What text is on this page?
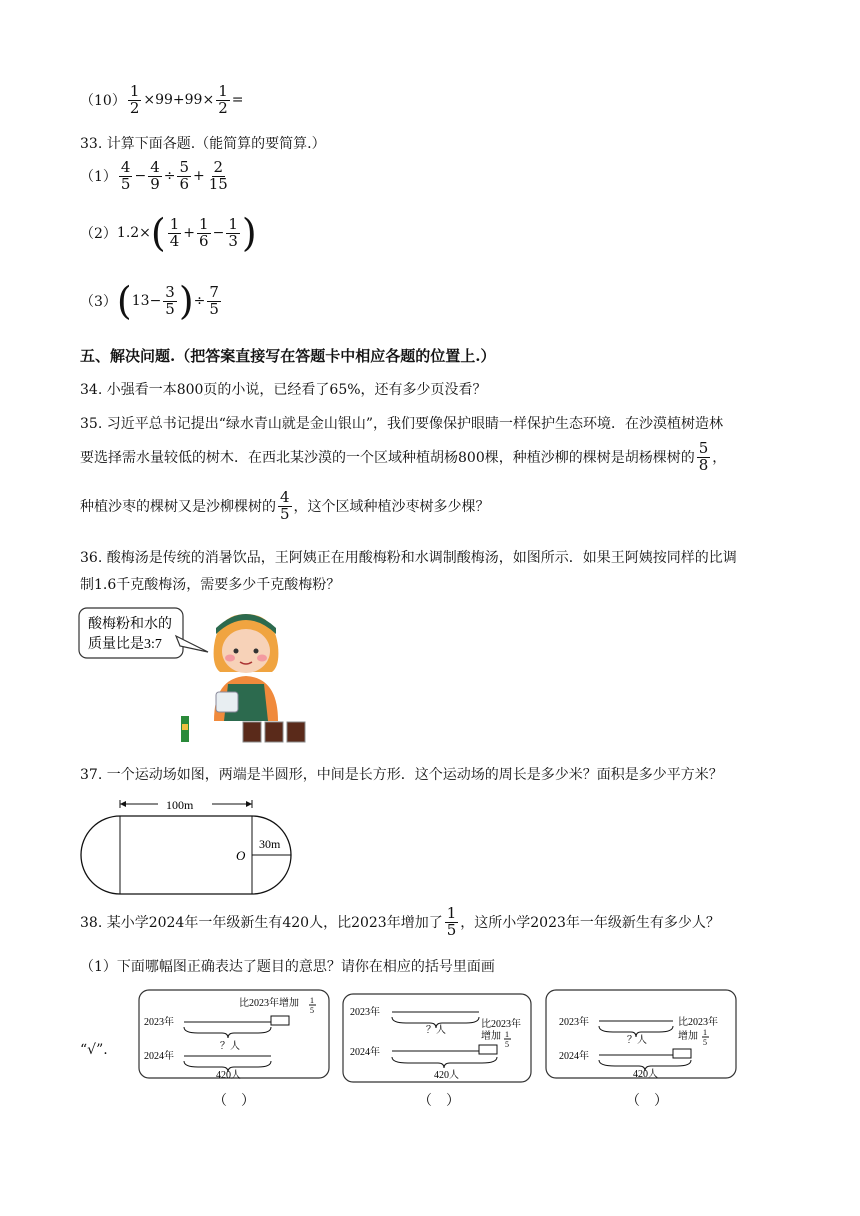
$(10) \frac{1}{2} \times 99+99\times \frac{1}{2}$ =
33. 计算下面各题.（能简算的要简算.）
$(1) \frac{4}{5} - \frac{4}{9} \div \frac{5}{6} + \frac{2}{15}$
（2） 1.2× ( $\frac{1}{4} + \frac{1}{6} - \frac{1}{3}$ )
（3） ( $13- \frac{3}{5}$ ) ÷ $\frac{7}{5}$
五、解决问题.（把答案直接写在答题卡中相应各题的位置上.）
34. 小强看一本800页的小说，已经看了65%，还有多少页没看？
35. 习近平总书记提出“绿水青山就是金山银山”，我们要像保护眼睛一样保护生态环境．在沙漠植树造林
要选择需水量较低的树木．在西北某沙漠的一个区域种植胡杨800棵，种植沙柳的棵树是胡杨棵树的 $\frac{5}{8}$ ，
种植沙枣的棵树又是沙柳棵树的 $\frac{4}{5}$ ，这个区域种植沙枣树多少棵？
36. 酸梅汤是传统的消暑饮品，王阿姨正在用酸梅粉和水调制酸梅汤，如图所示．如果王阿姨按同样的比调
制1.6千克酸梅汤，需要多少千克酸梅粉？
酸梅粉和水的
质量比是3:7
37. 一个运动场如图，两端是半圆形，中间是长方形．这个运动场的周长是多少米？面积是多少平方米？
100m
30m
O
38. 某小学2024年一年级新生有420人，比2023年增加了 $\frac{1}{5}$ ，这所小学2023年一年级新生有多少人？
（1）下面哪幅图正确表达了题目的意思？请你在相应的括号里面画
“√”.
比2023年增加 1
5
2023年
？人
2024年
420人
2023年
？人
比2023年
增加 1
5
2024年
420人
2023年
？人
比2023年
增加 1
5
2024年
420人
（　）	（　）	（　）
